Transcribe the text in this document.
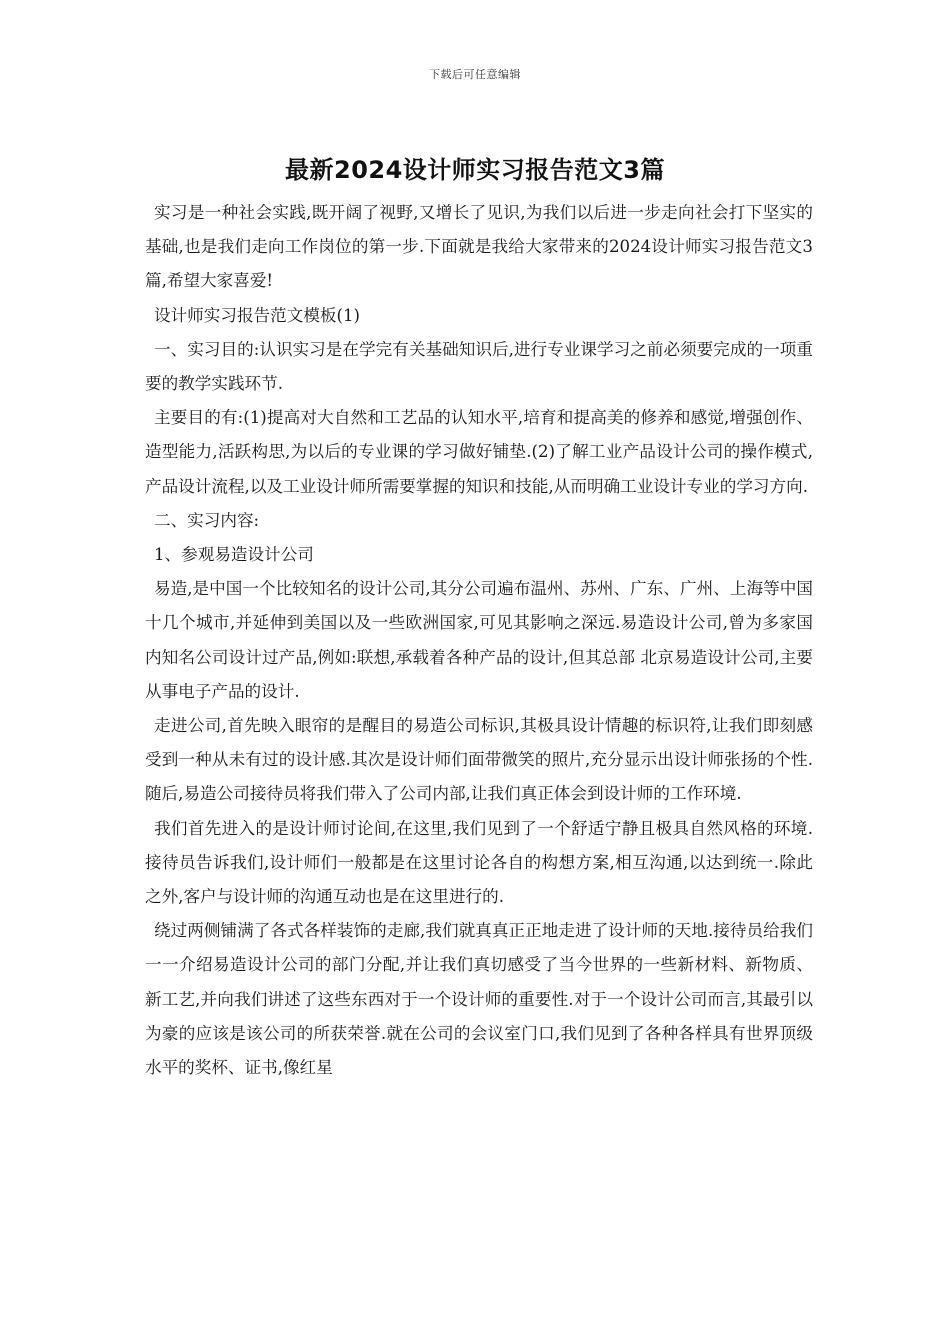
下载后可任意编辑
最新2024设计师实习报告范文3篇

实习是一种社会实践,既开阔了视野,又增长了见识,为我们以后进一步走向社会打下坚实的基础,也是我们走向工作岗位的第一步.下面就是我给大家带来的2024设计师实习报告范文3篇,希望大家喜爱!

设计师实习报告范文模板(1)

一、实习目的:认识实习是在学完有关基础知识后,进行专业课学习之前必须要完成的一项重要的教学实践环节.

主要目的有:(1)提高对大自然和工艺品的认知水平,培育和提高美的修养和感觉,增强创作、造型能力,活跃构思,为以后的专业课的学习做好铺垫.(2)了解工业产品设计公司的操作模式,产品设计流程,以及工业设计师所需要掌握的知识和技能,从而明确工业设计专业的学习方向.

二、实习内容:

1、参观易造设计公司

易造,是中国一个比较知名的设计公司,其分公司遍布温州、苏州、广东、广州、上海等中国十几个城市,并延伸到美国以及一些欧洲国家,可见其影响之深远.易造设计公司,曾为多家国内知名公司设计过产品,例如:联想,承载着各种产品的设计,但其总部 北京易造设计公司,主要从事电子产品的设计.

走进公司,首先映入眼帘的是醒目的易造公司标识,其极具设计情趣的标识符,让我们即刻感受到一种从未有过的设计感.其次是设计师们面带微笑的照片,充分显示出设计师张扬的个性.随后,易造公司接待员将我们带入了公司内部,让我们真正体会到设计师的工作环境.

我们首先进入的是设计师讨论间,在这里,我们见到了一个舒适宁静且极具自然风格的环境.接待员告诉我们,设计师们一般都是在这里讨论各自的构想方案,相互沟通,以达到统一.除此之外,客户与设计师的沟通互动也是在这里进行的.

绕过两侧铺满了各式各样装饰的走廊,我们就真真正正地走进了设计师的天地.接待员给我们一一介绍易造设计公司的部门分配,并让我们真切感受了当今世界的一些新材料、新物质、新工艺,并向我们讲述了这些东西对于一个设计师的重要性.对于一个设计公司而言,其最引以为豪的应该是该公司的所获荣誉.就在公司的会议室门口,我们见到了各种各样具有世界顶级水平的奖杯、证书,像红星
